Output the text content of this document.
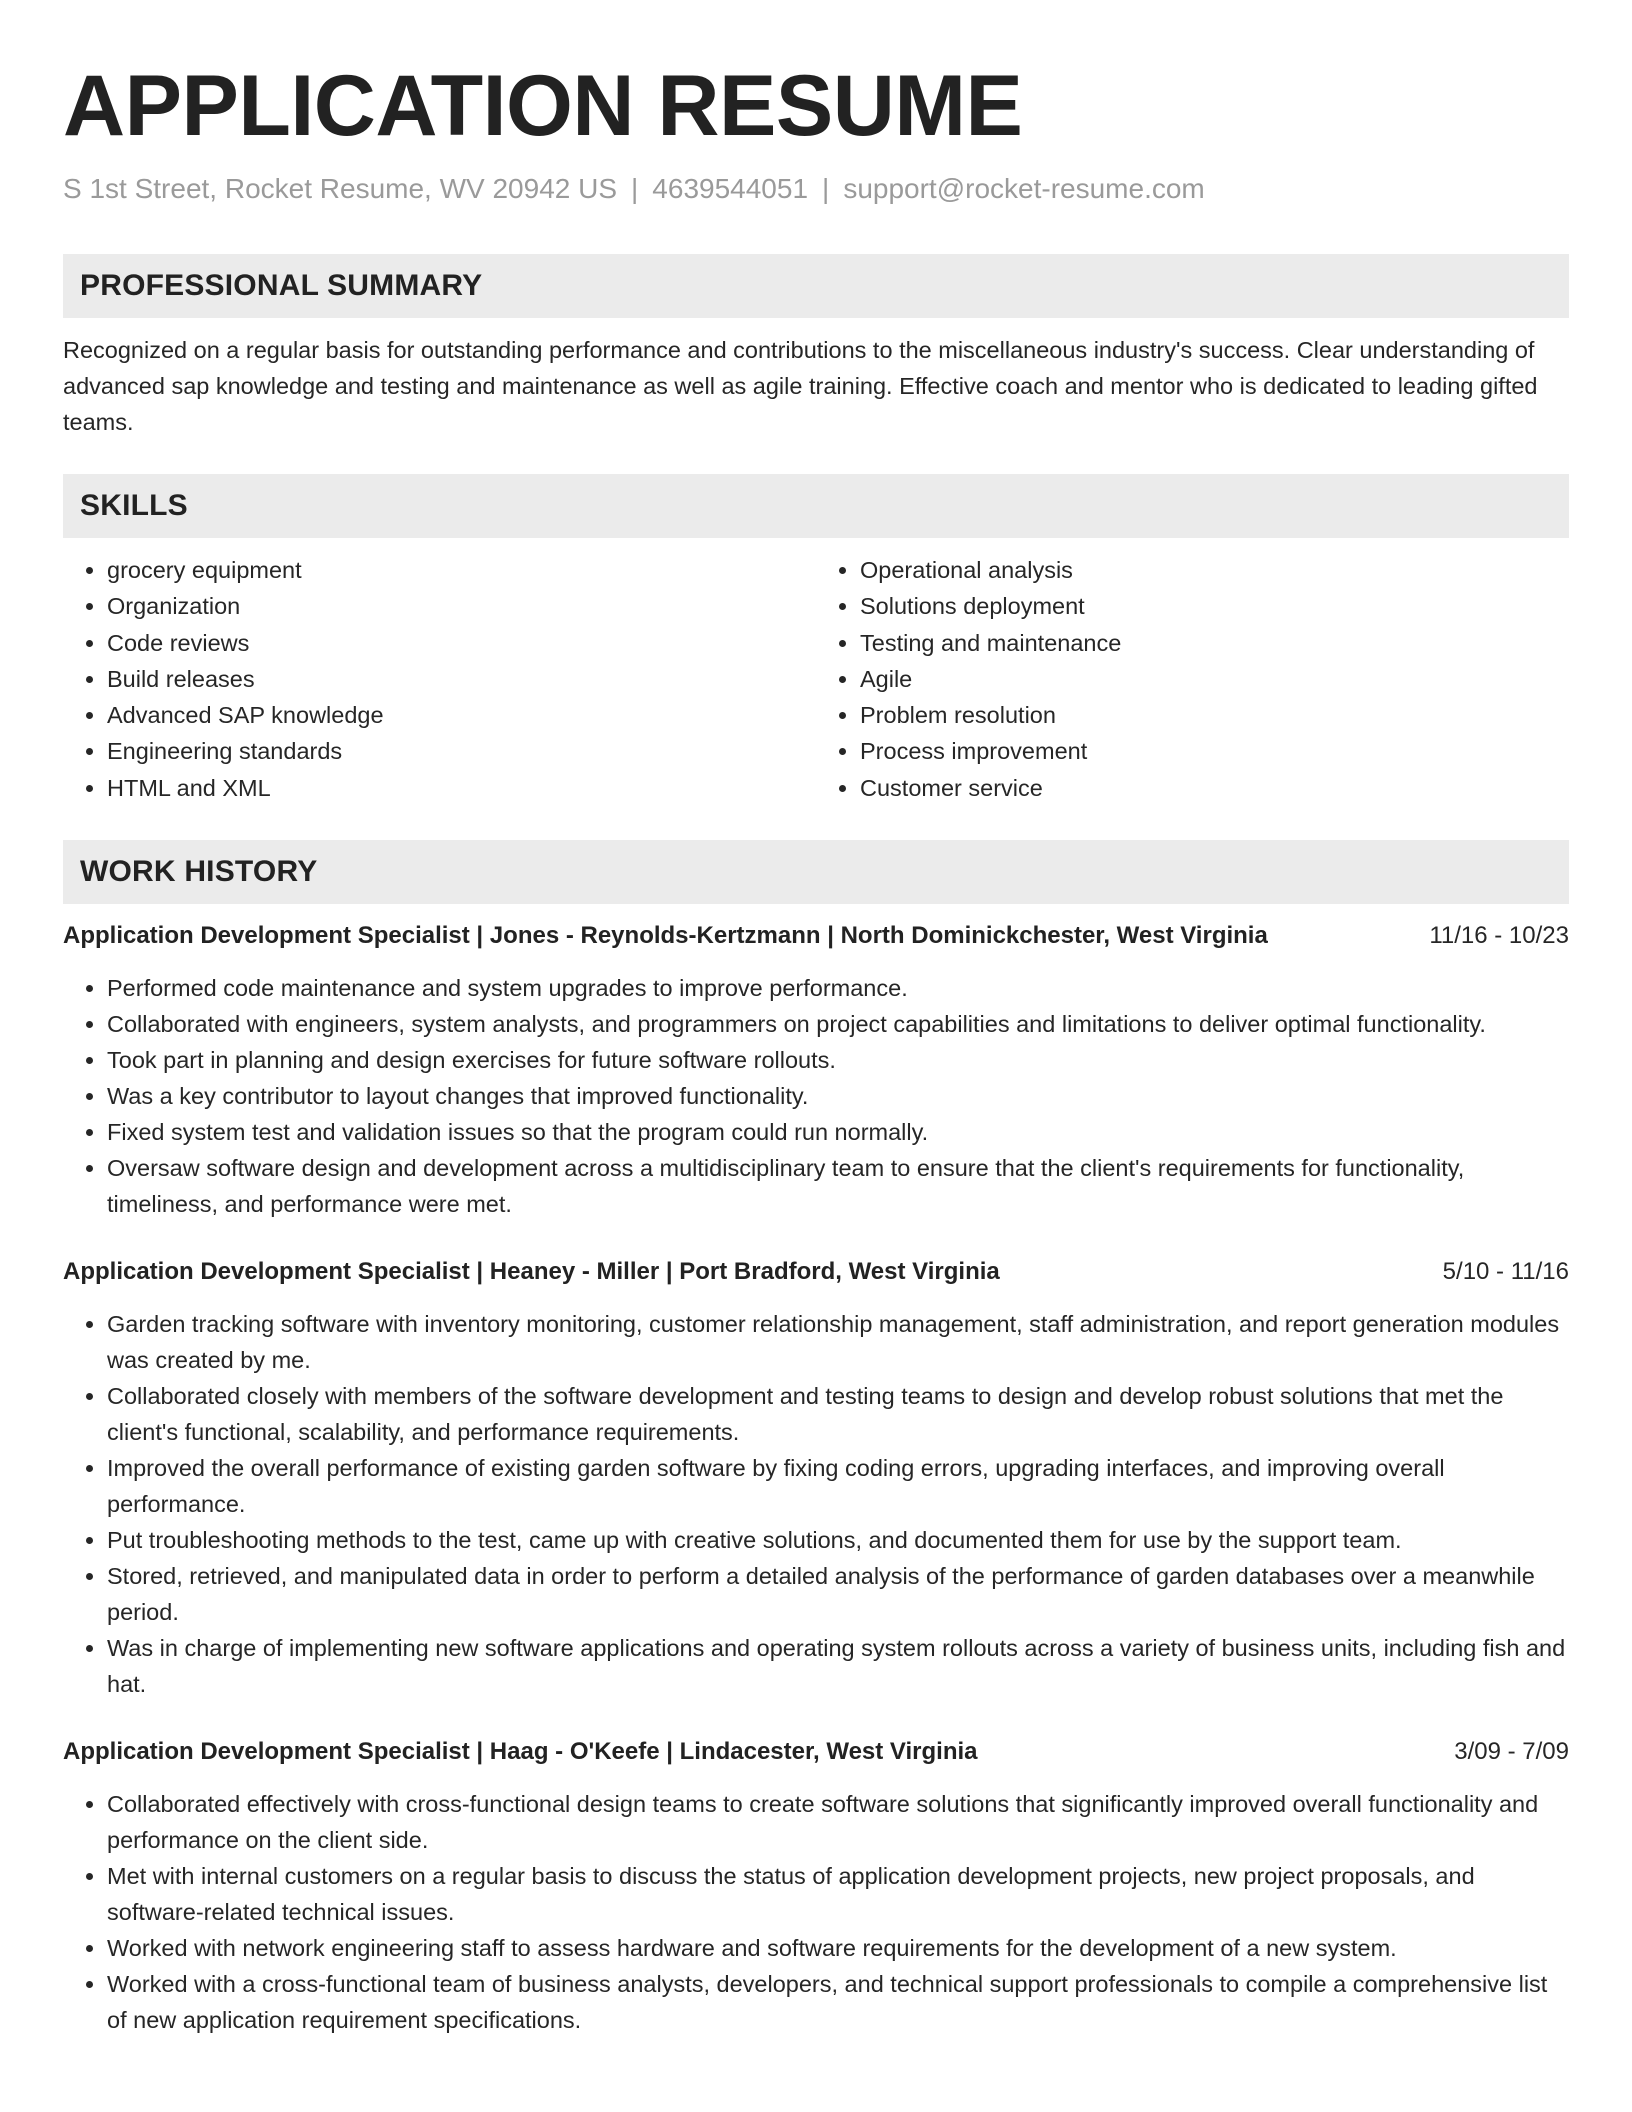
APPLICATION RESUME
S 1st Street, Rocket Resume, WV 20942 US | 4639544051 | support@rocket-resume.com
PROFESSIONAL SUMMARY
Recognized on a regular basis for outstanding performance and contributions to the miscellaneous industry's success. Clear understanding of advanced sap knowledge and testing and maintenance as well as agile training. Effective coach and mentor who is dedicated to leading gifted teams.
SKILLS
• grocery equipment
• Organization
• Code reviews
• Build releases
• Advanced SAP knowledge
• Engineering standards
• HTML and XML
• Operational analysis
• Solutions deployment
• Testing and maintenance
• Agile
• Problem resolution
• Process improvement
• Customer service
WORK HISTORY
Application Development Specialist | Jones - Reynolds-Kertzmann | North Dominickchester, West Virginia	11/16 - 10/23
• Performed code maintenance and system upgrades to improve performance.
• Collaborated with engineers, system analysts, and programmers on project capabilities and limitations to deliver optimal functionality.
• Took part in planning and design exercises for future software rollouts.
• Was a key contributor to layout changes that improved functionality.
• Fixed system test and validation issues so that the program could run normally.
• Oversaw software design and development across a multidisciplinary team to ensure that the client's requirements for functionality, timeliness, and performance were met.
Application Development Specialist | Heaney - Miller | Port Bradford, West Virginia	5/10 - 11/16
• Garden tracking software with inventory monitoring, customer relationship management, staff administration, and report generation modules was created by me.
• Collaborated closely with members of the software development and testing teams to design and develop robust solutions that met the client's functional, scalability, and performance requirements.
• Improved the overall performance of existing garden software by fixing coding errors, upgrading interfaces, and improving overall performance.
• Put troubleshooting methods to the test, came up with creative solutions, and documented them for use by the support team.
• Stored, retrieved, and manipulated data in order to perform a detailed analysis of the performance of garden databases over a meanwhile period.
• Was in charge of implementing new software applications and operating system rollouts across a variety of business units, including fish and hat.
Application Development Specialist | Haag - O'Keefe | Lindacester, West Virginia	3/09 - 7/09
• Collaborated effectively with cross-functional design teams to create software solutions that significantly improved overall functionality and performance on the client side.
• Met with internal customers on a regular basis to discuss the status of application development projects, new project proposals, and software-related technical issues.
• Worked with network engineering staff to assess hardware and software requirements for the development of a new system.
• Worked with a cross-functional team of business analysts, developers, and technical support professionals to compile a comprehensive list of new application requirement specifications.
